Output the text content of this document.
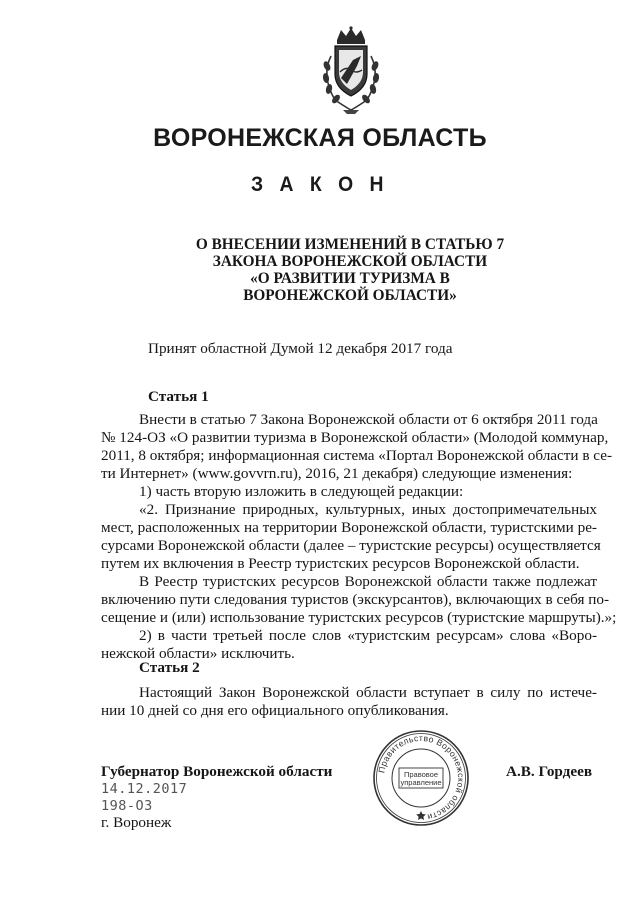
ВОРОНЕЖСКАЯ ОБЛАСТЬ
З А К О Н
О ВНЕСЕНИИ ИЗМЕНЕНИЙ В СТАТЬЮ 7
ЗАКОНА ВОРОНЕЖСКОЙ ОБЛАСТИ
«О РАЗВИТИИ ТУРИЗМА В
ВОРОНЕЖСКОЙ ОБЛАСТИ»
Принят областной Думой 12 декабря 2017 года
Статья 1
Внести в статью 7 Закона Воронежской области от 6 октября 2011 года
№ 124-ОЗ «О развитии туризма в Воронежской области» (Молодой коммунар,
2011, 8 октября; информационная система «Портал Воронежской области в се-
ти Интернет» (www.govvrn.ru), 2016, 21 декабря) следующие изменения:
1) часть вторую изложить в следующей редакции:
«2. Признание природных, культурных, иных достопримечательных
мест, расположенных на территории Воронежской области, туристскими ре-
сурсами Воронежской области (далее – туристские ресурсы) осуществляется
путем их включения в Реестр туристских ресурсов Воронежской области.
В Реестр туристских ресурсов Воронежской области также подлежат
включению пути следования туристов (экскурсантов), включающих в себя по-
сещение и (или) использование туристских ресурсов (туристские маршруты).»;
2) в части третьей после слов «туристским ресурсам» слова «Воро-
нежской области» исключить.
Статья 2
Настоящий Закон Воронежской области вступает в силу по истече-
нии 10 дней со дня его официального опубликования.
Правительство Воронежской области
Правовое
управление
Губернатор Воронежской области	А.В. Гордеев
14.12.2017
198-ОЗ
г. Воронеж
